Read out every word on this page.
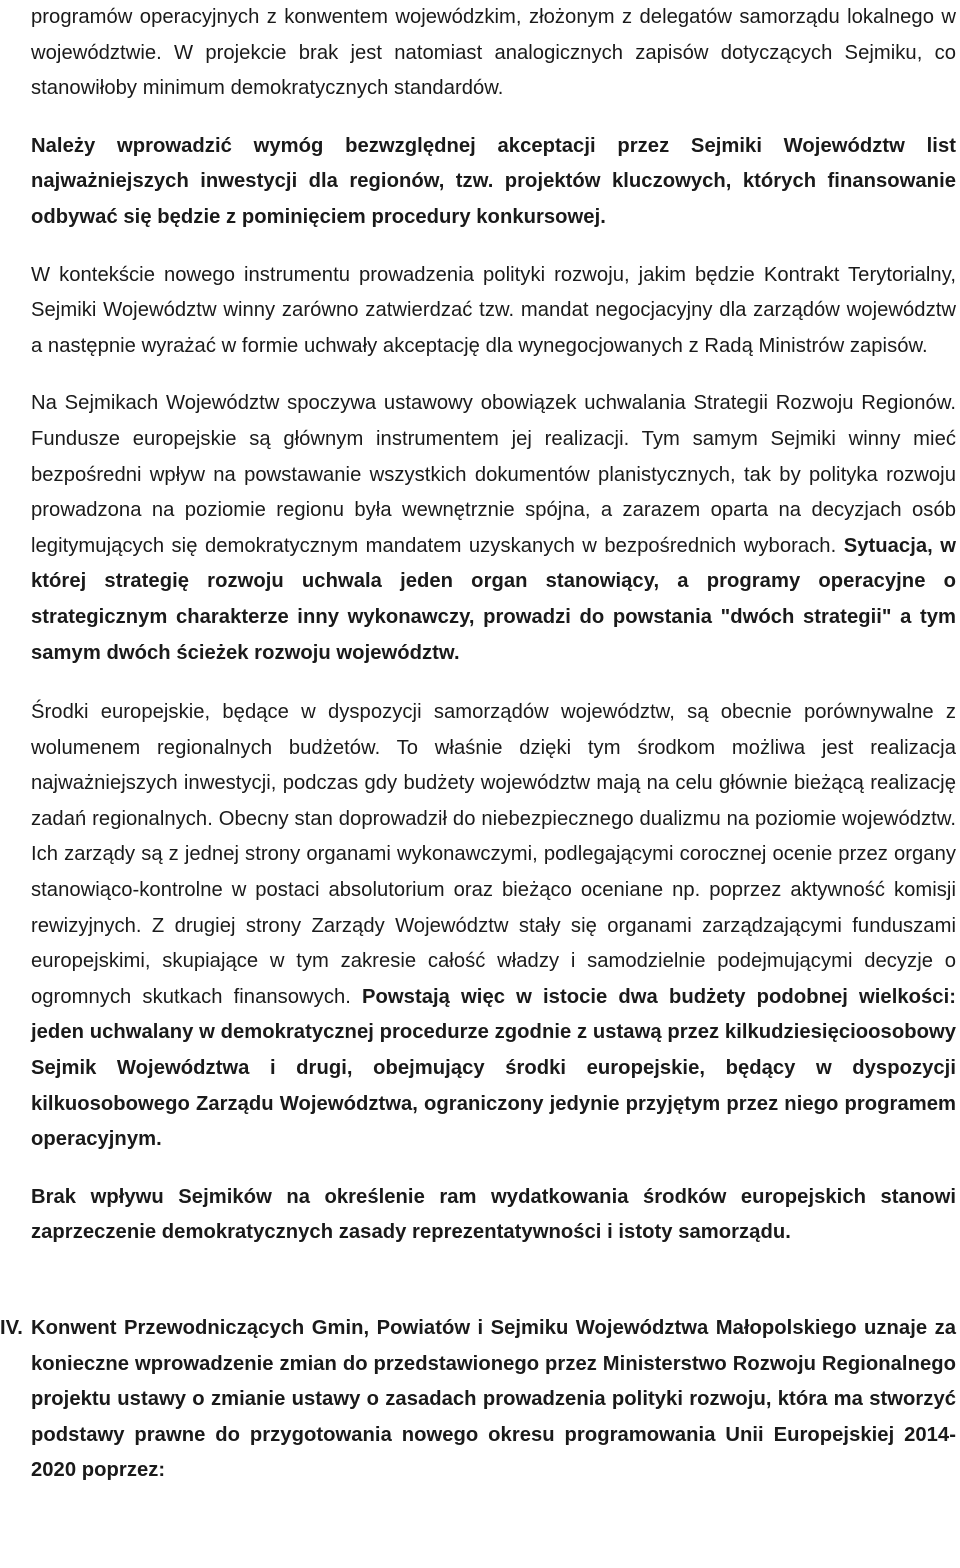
programów operacyjnych z konwentem wojewódzkim, złożonym z delegatów samorządu lokalnego w województwie. W projekcie brak jest natomiast analogicznych zapisów dotyczących Sejmiku, co stanowiłoby minimum demokratycznych standardów.

Należy wprowadzić wymóg bezwzględnej akceptacji przez Sejmiki Województw list najważniejszych inwestycji dla regionów, tzw. projektów kluczowych, których finansowanie odbywać się będzie z pominięciem procedury konkursowej.

W kontekście nowego instrumentu prowadzenia polityki rozwoju, jakim będzie Kontrakt Terytorialny, Sejmiki Województw winny zarówno zatwierdzać tzw. mandat negocjacyjny dla zarządów województw a następnie wyrażać w formie uchwały akceptację dla wynegocjowanych z Radą Ministrów zapisów.

Na Sejmikach Województw spoczywa ustawowy obowiązek uchwalania Strategii Rozwoju Regionów. Fundusze europejskie są głównym instrumentem jej realizacji. Tym samym Sejmiki winny mieć bezpośredni wpływ na powstawanie wszystkich dokumentów planistycznych, tak by polityka rozwoju prowadzona na poziomie regionu była wewnętrznie spójna, a zarazem oparta na decyzjach osób legitymujących się demokratycznym mandatem uzyskanych w bezpośrednich wyborach. Sytuacja, w której strategię rozwoju uchwala jeden organ stanowiący, a programy operacyjne o strategicznym charakterze inny wykonawczy, prowadzi do powstania "dwóch strategii" a tym samym dwóch ścieżek rozwoju województw.

Środki europejskie, będące w dyspozycji samorządów województw, są obecnie porównywalne z wolumenem regionalnych budżetów. To właśnie dzięki tym środkom możliwa jest realizacja najważniejszych inwestycji, podczas gdy budżety województw mają na celu głównie bieżącą realizację zadań regionalnych. Obecny stan doprowadził do niebezpiecznego dualizmu na poziomie województw. Ich zarządy są z jednej strony organami wykonawczymi, podlegającymi corocznej ocenie przez organy stanowiąco-kontrolne w postaci absolutorium oraz bieżąco oceniane np. poprzez aktywność komisji rewizyjnych. Z drugiej strony Zarządy Województw stały się organami zarządzającymi funduszami europejskimi, skupiające w tym zakresie całość władzy i samodzielnie podejmującymi decyzje o ogromnych skutkach finansowych. Powstają więc w istocie dwa budżety podobnej wielkości: jeden uchwalany w demokratycznej procedurze zgodnie z ustawą przez kilkudziesięcioosobowy Sejmik Województwa i drugi, obejmujący środki europejskie, będący w dyspozycji kilkuosobowego Zarządu Województwa, ograniczony jedynie przyjętym przez niego programem operacyjnym.

Brak wpływu Sejmików na określenie ram wydatkowania środków europejskich stanowi zaprzeczenie demokratycznych zasady reprezentatywności i istoty samorządu.

IV. Konwent Przewodniczących Gmin, Powiatów i Sejmiku Województwa Małopolskiego uznaje za konieczne wprowadzenie zmian do przedstawionego przez Ministerstwo Rozwoju Regionalnego projektu ustawy o zmianie ustawy o zasadach prowadzenia polityki rozwoju, która ma stworzyć podstawy prawne do przygotowania nowego okresu programowania Unii Europejskiej 2014-2020 poprzez:
